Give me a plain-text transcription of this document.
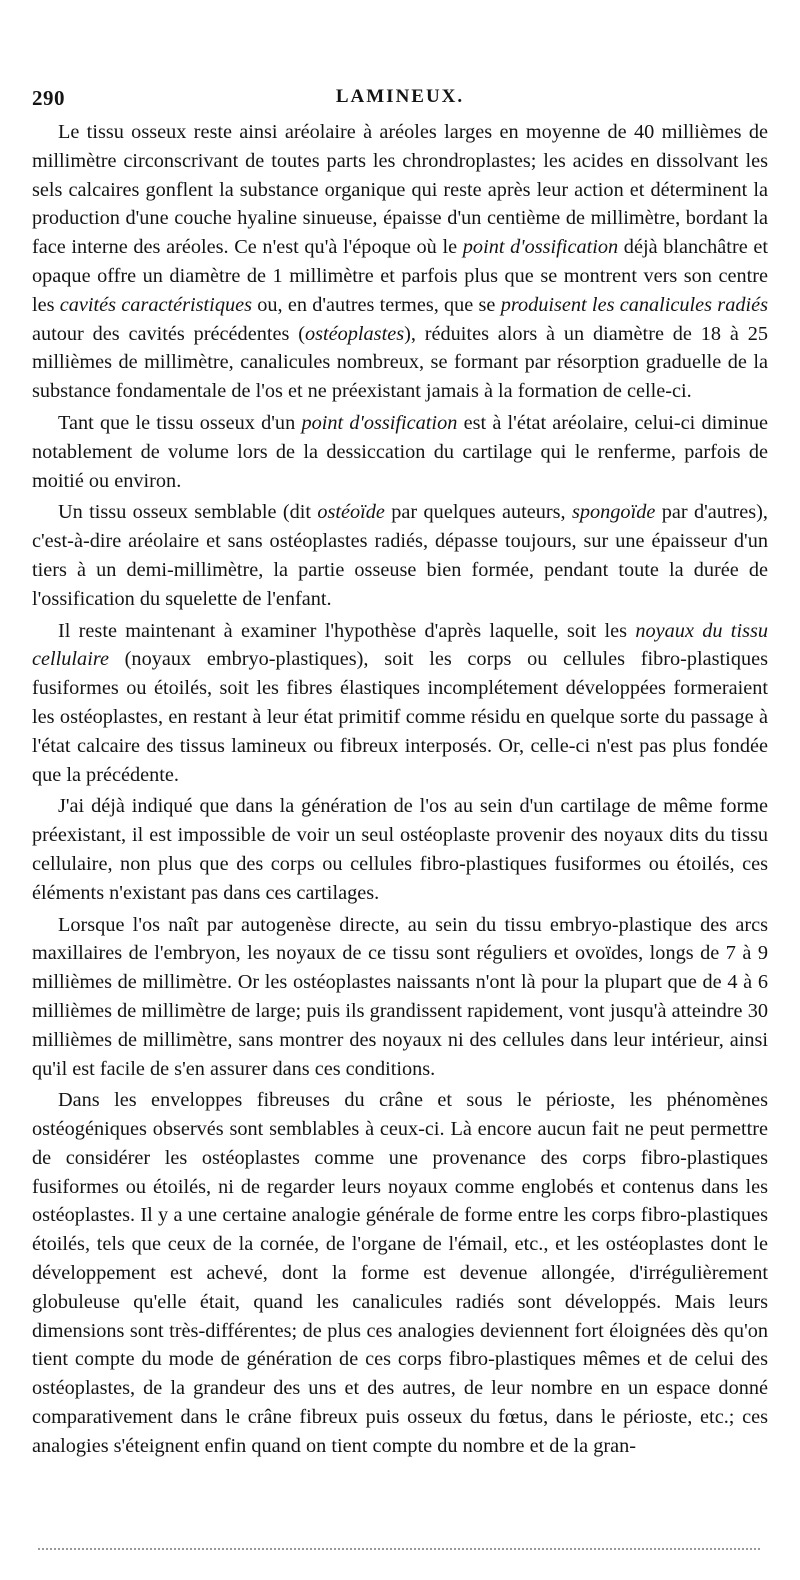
290	LAMINEUX.

Le tissu osseux reste ainsi aréolaire à aréoles larges en moyenne de 40 millièmes de millimètre circonscrivant de toutes parts les chrondroplastes; les acides en dissolvant les sels calcaires gonflent la substance organique qui reste après leur action et déterminent la production d'une couche hyaline sinueuse, épaisse d'un centième de millimètre, bordant la face interne des aréoles. Ce n'est qu'à l'époque où le point d'ossification déjà blanchâtre et opaque offre un diamètre de 1 millimètre et parfois plus que se montrent vers son centre les cavités caractéristiques ou, en d'autres termes, que se produisent les canalicules radiés autour des cavités précédentes (ostéoplastes), réduites alors à un diamètre de 18 à 25 millièmes de millimètre, canalicules nombreux, se formant par résorption graduelle de la substance fondamentale de l'os et ne préexistant jamais à la formation de celle-ci.

Tant que le tissu osseux d'un point d'ossification est à l'état aréolaire, celui-ci diminue notablement de volume lors de la dessiccation du cartilage qui le renferme, parfois de moitié ou environ.

Un tissu osseux semblable (dit ostéoïde par quelques auteurs, spongoïde par d'autres), c'est-à-dire aréolaire et sans ostéoplastes radiés, dépasse toujours, sur une épaisseur d'un tiers à un demi-millimètre, la partie osseuse bien formée, pendant toute la durée de l'ossification du squelette de l'enfant.

Il reste maintenant à examiner l'hypothèse d'après laquelle, soit les noyaux du tissu cellulaire (noyaux embryo-plastiques), soit les corps ou cellules fibro-plastiques fusiformes ou étoilés, soit les fibres élastiques incomplétement développées formeraient les ostéoplastes, en restant à leur état primitif comme résidu en quelque sorte du passage à l'état calcaire des tissus lamineux ou fibreux interposés. Or, celle-ci n'est pas plus fondée que la précédente.

J'ai déjà indiqué que dans la génération de l'os au sein d'un cartilage de même forme préexistant, il est impossible de voir un seul ostéoplaste provenir des noyaux dits du tissu cellulaire, non plus que des corps ou cellules fibro-plastiques fusiformes ou étoilés, ces éléments n'existant pas dans ces cartilages.

Lorsque l'os naît par autogenèse directe, au sein du tissu embryo-plastique des arcs maxillaires de l'embryon, les noyaux de ce tissu sont réguliers et ovoïdes, longs de 7 à 9 millièmes de millimètre. Or les ostéoplastes naissants n'ont là pour la plupart que de 4 à 6 millièmes de millimètre de large; puis ils grandissent rapidement, vont jusqu'à atteindre 30 millièmes de millimètre, sans montrer des noyaux ni des cellules dans leur intérieur, ainsi qu'il est facile de s'en assurer dans ces conditions.

Dans les enveloppes fibreuses du crâne et sous le périoste, les phénomènes ostéogéniques observés sont semblables à ceux-ci. Là encore aucun fait ne peut permettre de considérer les ostéoplastes comme une provenance des corps fibro-plastiques fusiformes ou étoilés, ni de regarder leurs noyaux comme englobés et contenus dans les ostéoplastes. Il y a une certaine analogie générale de forme entre les corps fibro-plastiques étoilés, tels que ceux de la cornée, de l'organe de l'émail, etc., et les ostéoplastes dont le développement est achevé, dont la forme est devenue allongée, d'irrégulièrement globuleuse qu'elle était, quand les canalicules radiés sont développés. Mais leurs dimensions sont très-différentes; de plus ces analogies deviennent fort éloignées dès qu'on tient compte du mode de génération de ces corps fibro-plastiques mêmes et de celui des ostéoplastes, de la grandeur des uns et des autres, de leur nombre en un espace donné comparativement dans le crâne fibreux puis osseux du fœtus, dans le périoste, etc.; ces analogies s'éteignent enfin quand on tient compte du nombre et de la gran-
